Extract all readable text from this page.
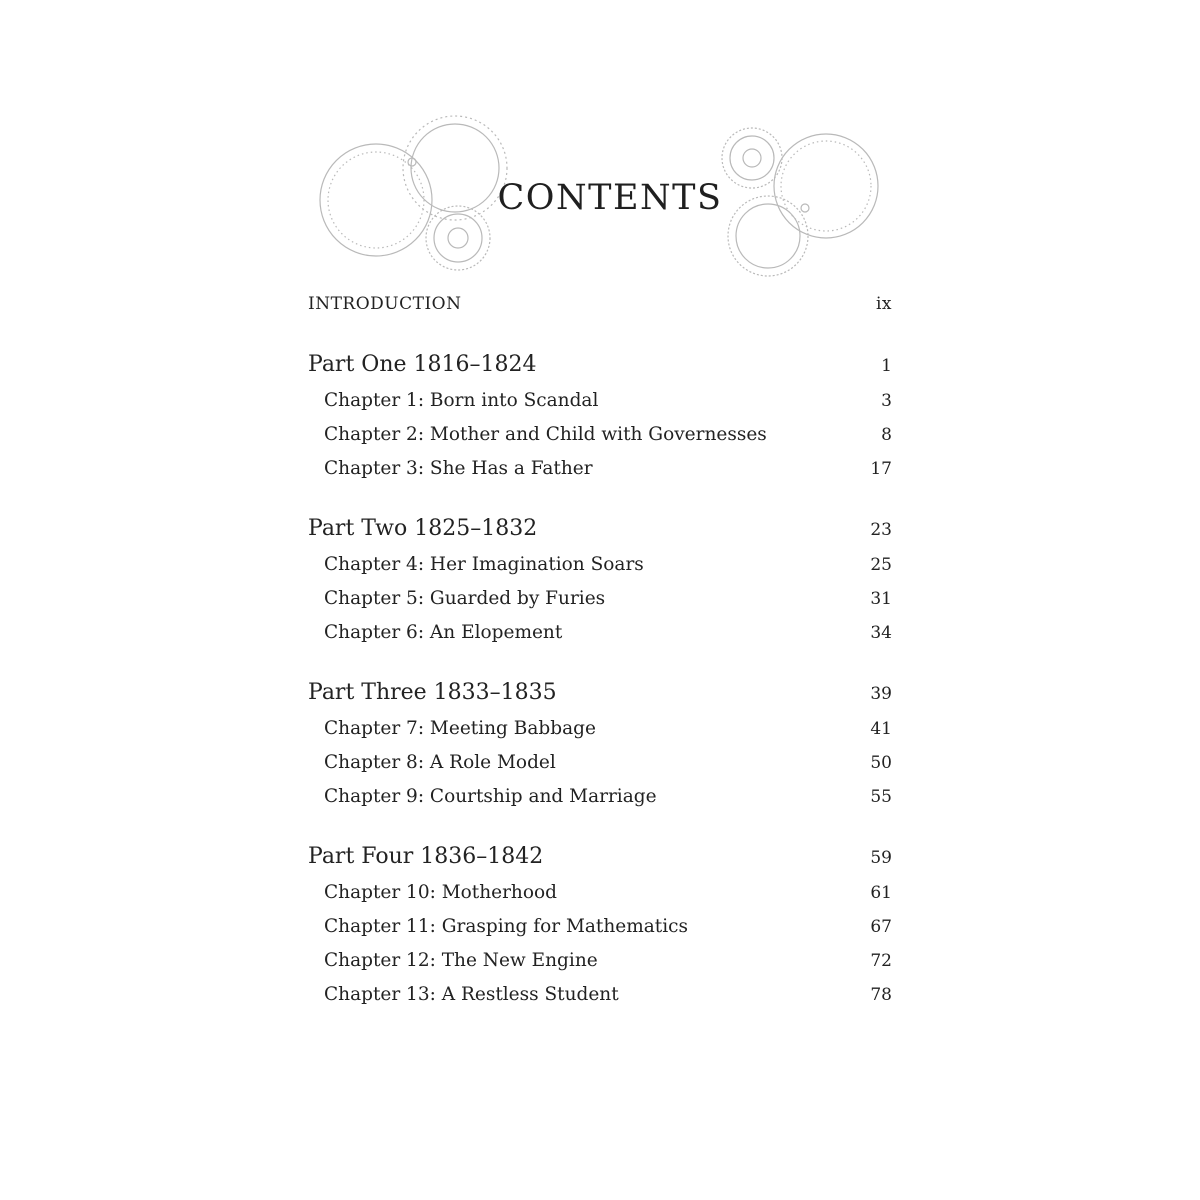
CONTENTS
INTRODUCTION	ix
Part One 1816–1824	1
Chapter 1: Born into Scandal	3
Chapter 2: Mother and Child with Governesses	8
Chapter 3: She Has a Father	17
Part Two 1825–1832	23
Chapter 4: Her Imagination Soars	25
Chapter 5: Guarded by Furies	31
Chapter 6: An Elopement	34
Part Three 1833–1835	39
Chapter 7: Meeting Babbage	41
Chapter 8: A Role Model	50
Chapter 9: Courtship and Marriage	55
Part Four 1836–1842	59
Chapter 10: Motherhood	61
Chapter 11: Grasping for Mathematics	67
Chapter 12: The New Engine	72
Chapter 13: A Restless Student	78
